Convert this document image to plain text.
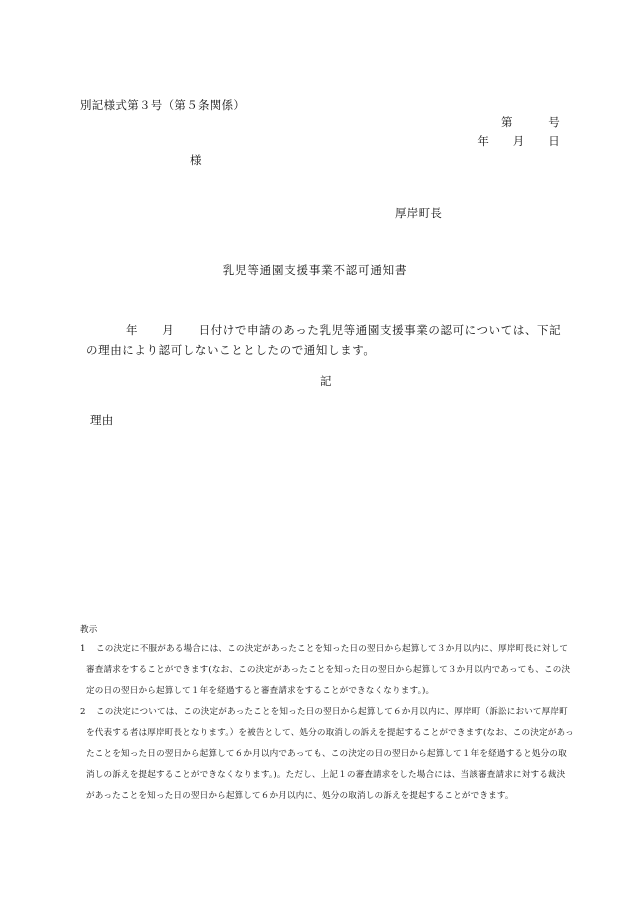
別記様式第３号（第５条関係）
第　　　号
年　　月　　日
様
厚岸町長
乳児等通園支援事業不認可通知書
年　　月　　日付けで申請のあった乳児等通園支援事業の認可については、下記の理由により認可しないこととしたので通知します。
記
理由
教示
1	この決定に不服がある場合には、この決定があったことを知った日の翌日から起算して３か月以内に、厚岸町長に対して審査請求をすることができます(なお、この決定があったことを知った日の翌日から起算して３か月以内であっても、この決定の日の翌日から起算して１年を経過すると審査請求をすることができなくなります。)。
2	この決定については、この決定があったことを知った日の翌日から起算して６か月以内に、厚岸町（訴訟において厚岸町を代表する者は厚岸町長となります。）を被告として、処分の取消しの訴えを提起することができます(なお、この決定があったことを知った日の翌日から起算して６か月以内であっても、この決定の日の翌日から起算して１年を経過すると処分の取消しの訴えを提起することができなくなります。)。ただし、上記１の審査請求をした場合には、当該審査請求に対する裁決があったことを知った日の翌日から起算して６か月以内に、処分の取消しの訴えを提起することができます。
